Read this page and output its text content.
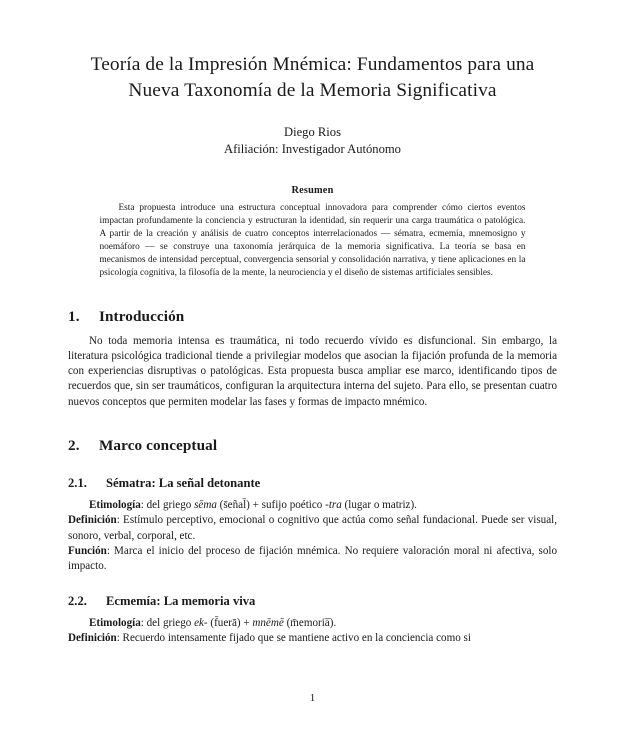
Teoría de la Impresión Mnémica: Fundamentos para una
Nueva Taxonomía de la Memoria Significativa
Diego Rios
Afiliación: Investigador Autónomo
Resumen

Esta propuesta introduce una estructura conceptual innovadora para comprender cómo ciertos eventos impactan profundamente la conciencia y estructuran la identidad, sin requerir una carga traumática o patológica. A partir de la creación y análisis de cuatro conceptos interrelacionados — sématra, ecmemía, mnemosigno y noemáforo — se construye una taxonomía jerárquica de la memoria significativa. La teoría se basa en mecanismos de intensidad perceptual, convergencia sensorial y consolidación narrativa, y tiene aplicaciones en la psicología cognitiva, la filosofía de la mente, la neurociencia y el diseño de sistemas artificiales sensibles.

1. Introducción

No toda memoria intensa es traumática, ni todo recuerdo vívido es disfuncional. Sin embargo, la literatura psicológica tradicional tiende a privilegiar modelos que asocian la fijación profunda de la memoria con experiencias disruptivas o patológicas. Esta propuesta busca ampliar ese marco, identificando tipos de recuerdos que, sin ser traumáticos, configuran la arquitectura interna del sujeto. Para ello, se presentan cuatro nuevos conceptos que permiten modelar las fases y formas de impacto mnémico.

2. Marco conceptual
2.1. Sématra: La señal detonante
Etimología: del griego sēma (s̄eñal̄) + sufijo poético -tra (lugar o matriz).
Definición: Estímulo perceptivo, emocional o cognitivo que actúa como señal fundacional. Puede ser visual, sonoro, verbal, corporal, etc.
Función: Marca el inicio del proceso de fijación mnémica. No requiere valoración moral ni afectiva, solo impacto.
2.2. Ecmemía: La memoria viva
Etimología: del griego ek- (f̄uerā) + mnēmē (m̄emoria̅).
Definición: Recuerdo intensamente fijado que se mantiene activo en la conciencia como si
1
